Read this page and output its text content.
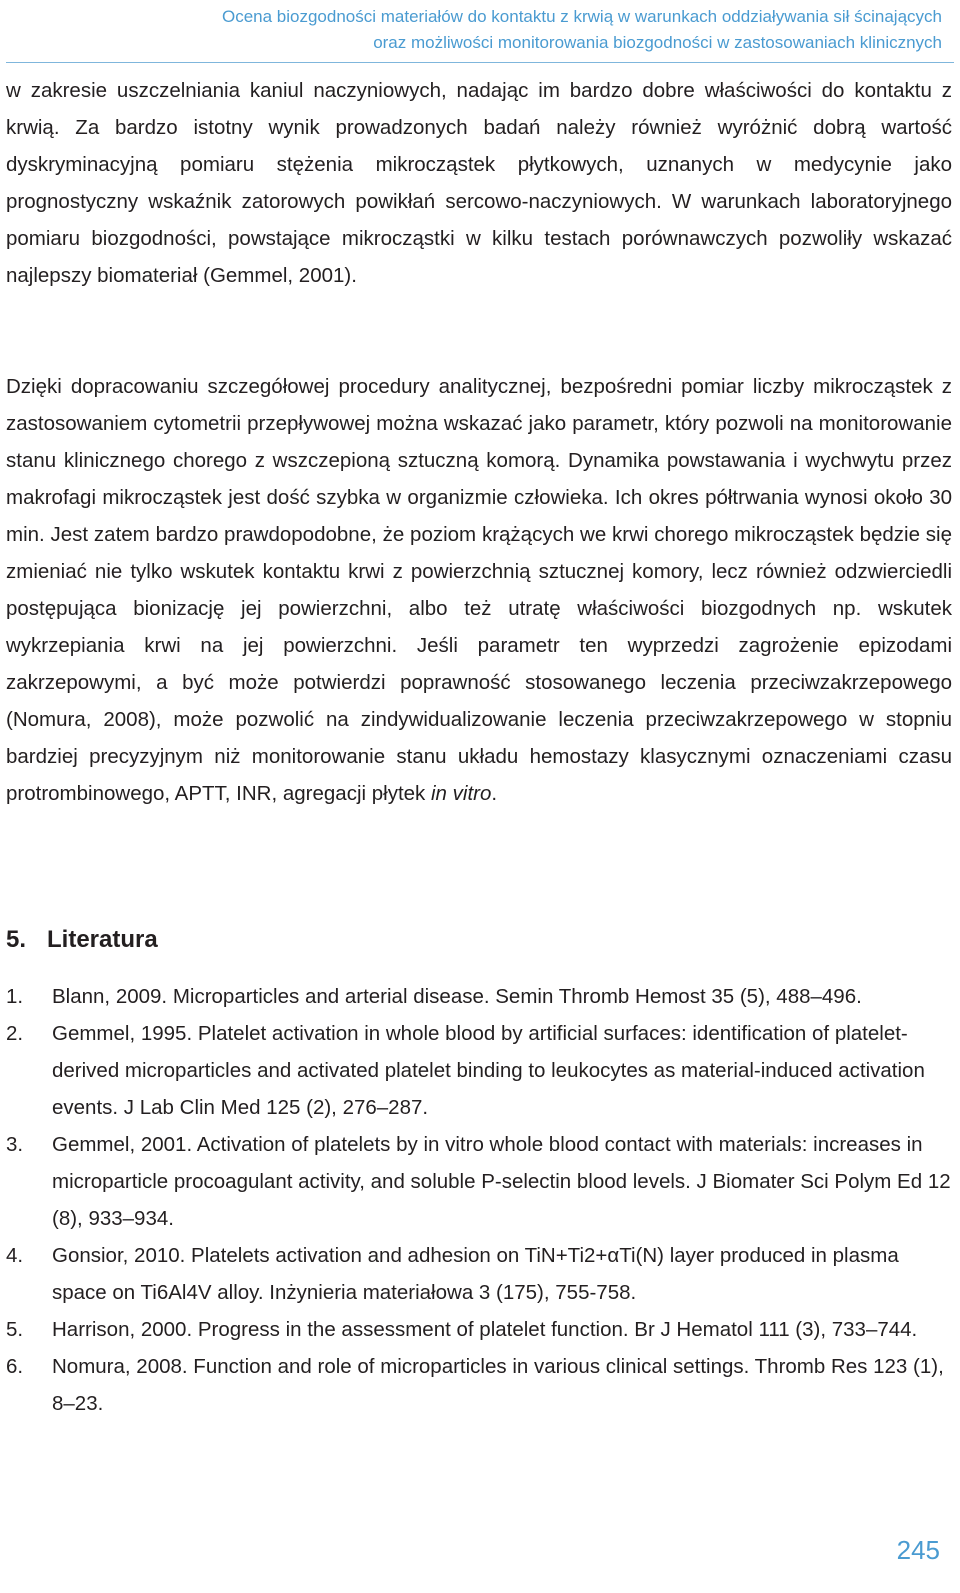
Ocena biozgodności materiałów do kontaktu z krwią w warunkach oddziaływania sił ścinających
oraz możliwości monitorowania biozgodności w zastosowaniach klinicznych

w zakresie uszczelniania kaniul naczyniowych, nadając im bardzo dobre właściwości do kontaktu z krwią. Za bardzo istotny wynik prowadzonych badań należy również wyróżnić dobrą wartość dyskryminacyjną pomiaru stężenia mikrocząstek płytkowych, uznanych w medycynie jako prognostyczny wskaźnik zatorowych powikłań sercowo-naczyniowych. W warunkach laboratoryjnego pomiaru biozgodności, powstające mikrocząstki w kilku testach porównawczych pozwoliły wskazać najlepszy biomateriał (Gemmel, 2001).

Dzięki dopracowaniu szczegółowej procedury analitycznej, bezpośredni pomiar liczby mikrocząstek z zastosowaniem cytometrii przepływowej można wskazać jako parametr, który pozwoli na monitorowanie stanu klinicznego chorego z wszczepioną sztuczną komorą. Dynamika powstawania i wychwytu przez makrofagi mikrocząstek jest dość szybka w organizmie człowieka. Ich okres półtrwania wynosi około 30 min. Jest zatem bardzo prawdopodobne, że poziom krążących we krwi chorego mikrocząstek będzie się zmieniać nie tylko wskutek kontaktu krwi z powierzchnią sztucznej komory, lecz również odzwierciedli postępująca bionizację jej powierzchni, albo też utratę właściwości biozgodnych np. wskutek wykrzepiania krwi na jej powierzchni. Jeśli parametr ten wyprzedzi zagrożenie epizodami zakrzepowymi, a być może potwierdzi poprawność stosowanego leczenia przeciwzakrzepowego (Nomura, 2008), może pozwolić na zindywidualizowanie leczenia przeciwzakrzepowego w stopniu bardziej precyzyjnym niż monitorowanie stanu układu hemostazy klasycznymi oznaczeniami czasu protrombinowego, APTT, INR, agregacji płytek in vitro.

5. Literatura
1. Blann, 2009. Microparticles and arterial disease. Semin Thromb Hemost 35 (5), 488–496.
2. Gemmel, 1995. Platelet activation in whole blood by artificial surfaces: identification of platelet-derived microparticles and activated platelet binding to leukocytes as material-induced activation events. J Lab Clin Med 125 (2), 276–287.
3. Gemmel, 2001. Activation of platelets by in vitro whole blood contact with materials: increases in microparticle procoagulant activity, and soluble P-selectin blood levels. J Biomater Sci Polym Ed 12 (8), 933–934.
4. Gonsior, 2010. Platelets activation and adhesion on TiN+Ti2+αTi(N) layer produced in plasma space on Ti6Al4V alloy. Inżynieria materiałowa 3 (175), 755-758.
5. Harrison, 2000. Progress in the assessment of platelet function. Br J Hematol 111 (3), 733–744.
6. Nomura, 2008. Function and role of microparticles in various clinical settings. Thromb Res 123 (1), 8–23.
245
